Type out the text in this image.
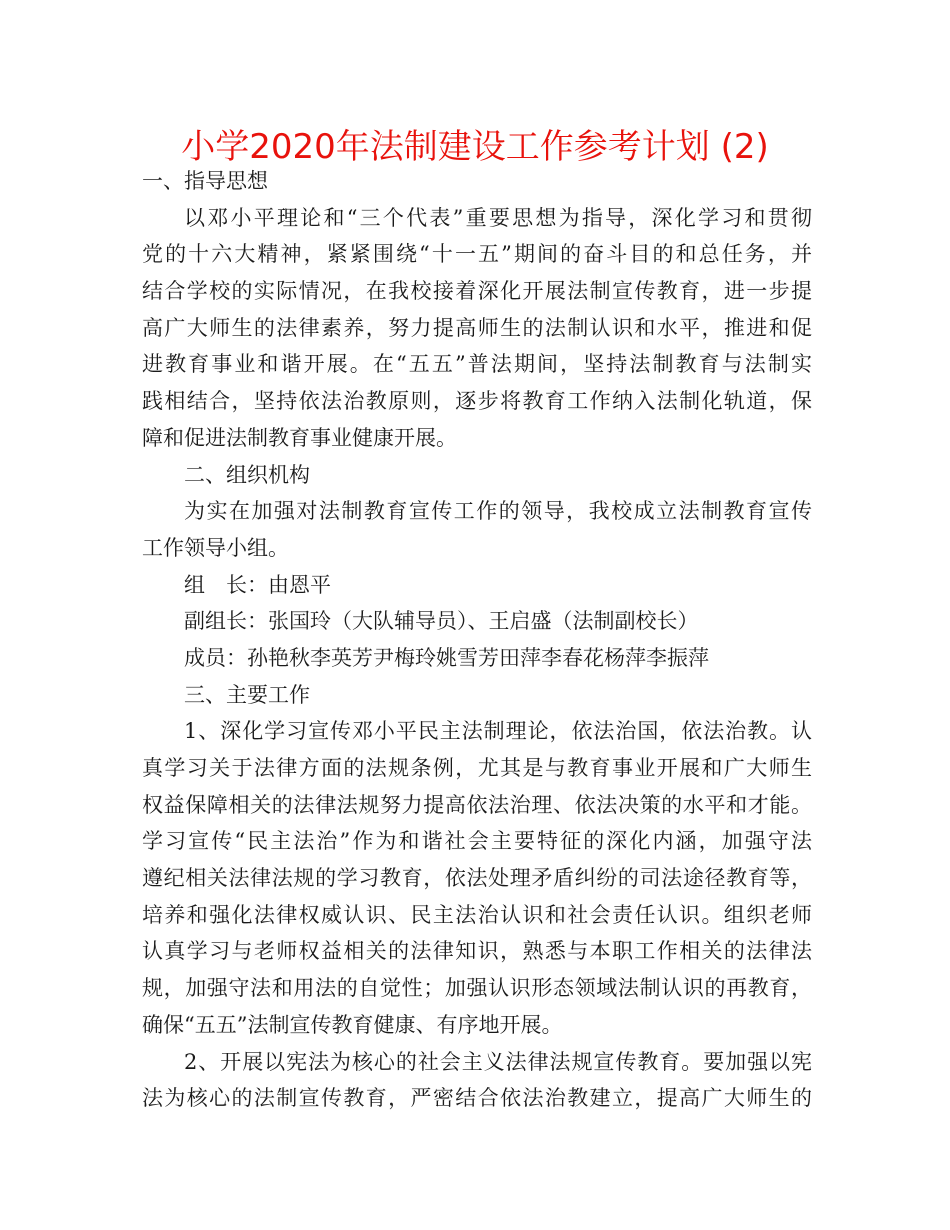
小学2020年法制建设工作参考计划 (2)
一、指导思想
以邓小平理论和“三个代表”重要思想为指导，深化学习和贯彻
党的十六大精神，紧紧围绕“十一五”期间的奋斗目的和总任务，并
结合学校的实际情况，在我校接着深化开展法制宣传教育，进一步提
高广大师生的法律素养，努力提高师生的法制认识和水平，推进和促
进教育事业和谐开展。在“五五”普法期间，坚持法制教育与法制实
践相结合，坚持依法治教原则，逐步将教育工作纳入法制化轨道，保
障和促进法制教育事业健康开展。
二、组织机构
为实在加强对法制教育宣传工作的领导，我校成立法制教育宣传
工作领导小组。
组　长：由恩平
副组长：张国玲（大队辅导员）、王启盛（法制副校长）
成员：孙艳秋李英芳尹梅玲姚雪芳田萍李春花杨萍李振萍
三、主要工作
1、深化学习宣传邓小平民主法制理论，依法治国，依法治教。认
真学习关于法律方面的法规条例，尤其是与教育事业开展和广大师生
权益保障相关的法律法规努力提高依法治理、依法决策的水平和才能。
学习宣传“民主法治”作为和谐社会主要特征的深化内涵，加强守法
遵纪相关法律法规的学习教育，依法处理矛盾纠纷的司法途径教育等，
培养和强化法律权威认识、民主法治认识和社会责任认识。组织老师
认真学习与老师权益相关的法律知识，熟悉与本职工作相关的法律法
规，加强守法和用法的自觉性；加强认识形态领域法制认识的再教育，
确保“五五”法制宣传教育健康、有序地开展。
2、开展以宪法为核心的社会主义法律法规宣传教育。要加强以宪
法为核心的法制宣传教育，严密结合依法治教建立，提高广大师生的
